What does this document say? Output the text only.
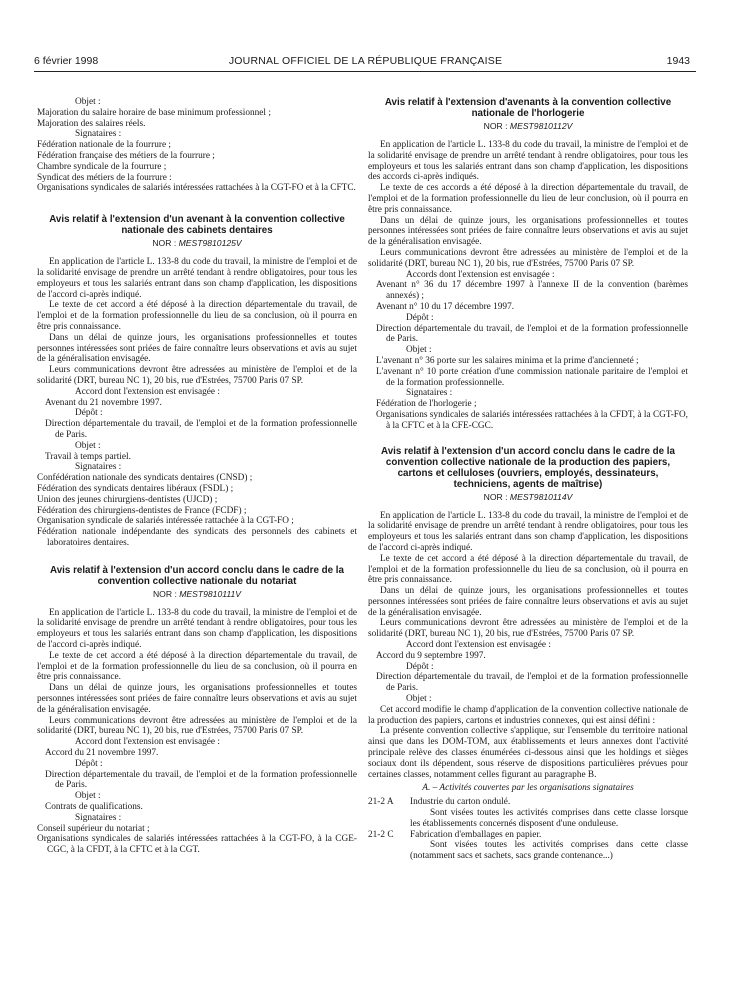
6 février 1998	JOURNAL OFFICIEL DE LA RÉPUBLIQUE FRANÇAISE	1943

Objet :

Majoration du salaire horaire de base minimum professionnel ;

Majoration des salaires réels.

Signataires :

Fédération nationale de la fourrure ;

Fédération française des métiers de la fourrure ;

Chambre syndicale de la fourrure ;

Syndicat des métiers de la fourrure :

Organisations syndicales de salariés intéressées rattachées à la CGT-FO et à la CFTC.

Avis relatif à l'extension d'un avenant à la convention collective nationale des cabinets dentaires

NOR : MEST9810125V

En application de l'article L. 133-8 du code du travail, la ministre de l'emploi et de la solidarité envisage de prendre un arrêté tendant à rendre obligatoires, pour tous les employeurs et tous les salariés entrant dans son champ d'application, les dispositions de l'accord ci-après indiqué.

Le texte de cet accord a été déposé à la direction départementale du travail, de l'emploi et de la formation professionnelle du lieu de sa conclusion, où il pourra en être pris connaissance.

Dans un délai de quinze jours, les organisations professionnelles et toutes personnes intéressées sont priées de faire connaître leurs observations et avis au sujet de la généralisation envisagée.

Leurs communications devront être adressées au ministère de l'emploi et de la solidarité (DRT, bureau NC 1), 20 bis, rue d'Estrées, 75700 Paris 07 SP.

Accord dont l'extension est envisagée :

Avenant du 21 novembre 1997.

Dépôt :

Direction départementale du travail, de l'emploi et de la formation professionnelle de Paris.

Objet :

Travail à temps partiel.

Signataires :

Confédération nationale des syndicats dentaires (CNSD) ;

Fédération des syndicats dentaires libéraux (FSDL) ;

Union des jeunes chirurgiens-dentistes (UJCD) ;

Fédération des chirurgiens-dentistes de France (FCDF) ;

Organisation syndicale de salariés intéressée rattachée à la CGT-FO ;

Fédération nationale indépendante des syndicats des personnels des cabinets et laboratoires dentaires.

Avis relatif à l'extension d'un accord conclu dans le cadre de la convention collective nationale du notariat

NOR : MEST9810111V

En application de l'article L. 133-8 du code du travail, la ministre de l'emploi et de la solidarité envisage de prendre un arrêté tendant à rendre obligatoires, pour tous les employeurs et tous les salariés entrant dans son champ d'application, les dispositions de l'accord ci-après indiqué.

Le texte de cet accord a été déposé à la direction départementale du travail, de l'emploi et de la formation professionnelle du lieu de sa conclusion, où il pourra en être pris connaissance.

Dans un délai de quinze jours, les organisations professionnelles et toutes personnes intéressées sont priées de faire connaître leurs observations et avis au sujet de la généralisation envisagée.

Leurs communications devront être adressées au ministère de l'emploi et de la solidarité (DRT, bureau NC 1), 20 bis, rue d'Estrées, 75700 Paris 07 SP.

Accord dont l'extension est envisagée :

Accord du 21 novembre 1997.

Dépôt :

Direction départementale du travail, de l'emploi et de la formation professionnelle de Paris.

Objet :

Contrats de qualifications.

Signataires :

Conseil supérieur du notariat ;

Organisations syndicales de salariés intéressées rattachées à la CGT-FO, à la CGE-CGC, à la CFDT, à la CFTC et à la CGT.

Avis relatif à l'extension d'avenants à la convention collective nationale de l'horlogerie

NOR : MEST9810112V

En application de l'article L. 133-8 du code du travail, la ministre de l'emploi et de la solidarité envisage de prendre un arrêté tendant à rendre obligatoires, pour tous les employeurs et tous les salariés entrant dans son champ d'application, les dispositions des accords ci-après indiqués.

Le texte de ces accords a été déposé à la direction départementale du travail, de l'emploi et de la formation professionnelle du lieu de leur conclusion, où il pourra en être pris connaissance.

Dans un délai de quinze jours, les organisations professionnelles et toutes personnes intéressées sont priées de faire connaître leurs observations et avis au sujet de la généralisation envisagée.

Leurs communications devront être adressées au ministère de l'emploi et de la solidarité (DRT, bureau NC 1), 20 bis, rue d'Estrées, 75700 Paris 07 SP.

Accords dont l'extension est envisagée :

Avenant n° 36 du 17 décembre 1997 à l'annexe II de la convention (barèmes annexés) ;

Avenant n° 10 du 17 décembre 1997.

Dépôt :

Direction départementale du travail, de l'emploi et de la formation professionnelle de Paris.

Objet :

L'avenant n° 36 porte sur les salaires minima et la prime d'ancienneté ;

L'avenant n° 10 porte création d'une commission nationale paritaire de l'emploi et de la formation professionnelle.

Signataires :

Fédération de l'horlogerie ;

Organisations syndicales de salariés intéressées rattachées à la CFDT, à la CGT-FO, à la CFTC et à la CFE-CGC.

Avis relatif à l'extension d'un accord conclu dans le cadre de la convention collective nationale de la production des papiers, cartons et celluloses (ouvriers, employés, dessinateurs, techniciens, agents de maîtrise)

NOR : MEST9810114V

En application de l'article L. 133-8 du code du travail, la ministre de l'emploi et de la solidarité envisage de prendre un arrêté tendant à rendre obligatoires, pour tous les employeurs et tous les salariés entrant dans son champ d'application, les dispositions de l'accord ci-après indiqué.

Le texte de cet accord a été déposé à la direction départementale du travail, de l'emploi et de la formation professionnelle du lieu de sa conclusion, où il pourra en être pris connaissance.

Dans un délai de quinze jours, les organisations professionnelles et toutes personnes intéressées sont priées de faire connaître leurs observations et avis au sujet de la généralisation envisagée.

Leurs communications devront être adressées au ministère de l'emploi et de la solidarité (DRT, bureau NC 1), 20 bis, rue d'Estrées, 75700 Paris 07 SP.

Accord dont l'extension est envisagée :

Accord du 9 septembre 1997.

Dépôt :

Direction départementale du travail, de l'emploi et de la formation professionnelle de Paris.

Objet :

Cet accord modifie le champ d'application de la convention collective nationale de la production des papiers, cartons et industries connexes, qui est ainsi défini :

La présente convention collective s'applique, sur l'ensemble du territoire national ainsi que dans les DOM-TOM, aux établissements et leurs annexes dont l'activité principale relève des classes énumérées ci-dessous ainsi que les holdings et sièges sociaux dont ils dépendent, sous réserve de dispositions particulières prévues pour certaines classes, notamment celles figurant au paragraphe B.

A. – Activités couvertes par les organisations signataires

21-2 A Industrie du carton ondulé.

Sont visées toutes les activités comprises dans cette classe lorsque les établissements concernés disposent d'une onduleuse.

21-2 C Fabrication d'emballages en papier.

Sont visées toutes les activités comprises dans cette classe (notamment sacs et sachets, sacs grande contenance...)
